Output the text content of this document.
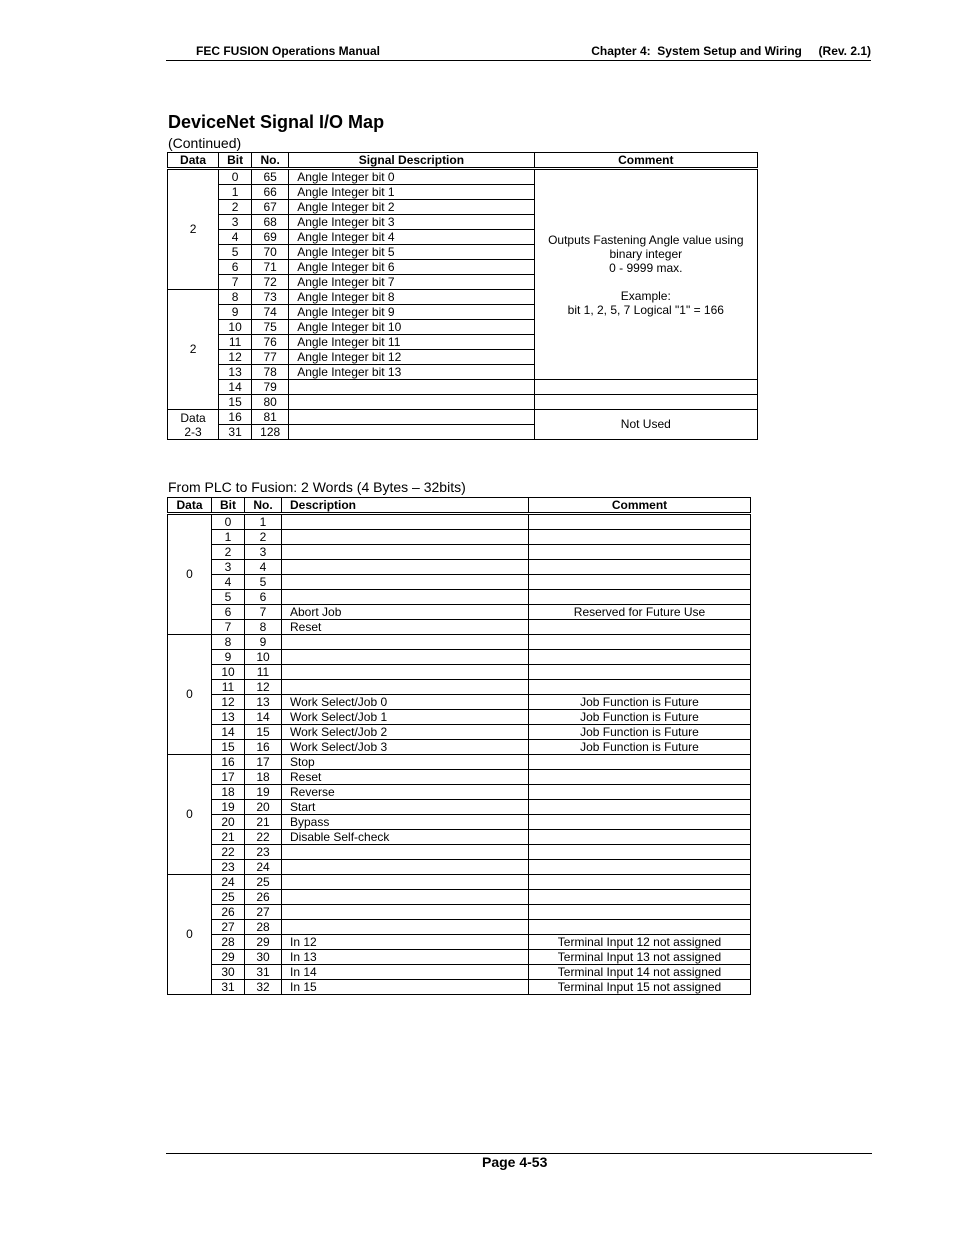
FEC FUSION Operations Manual	Chapter 4:  System Setup and Wiring     (Rev. 2.1)
DeviceNet Signal I/O Map
(Continued)
Data	Bit	No.	Signal Description	Comment
2	0	65	Angle Integer bit 0	Outputs Fastening Angle value using
binary integer
0 - 9999 max.
Example:
bit 1, 2, 5, 7 Logical "1" = 166

	1	66	Angle Integer bit 1	
	2	67	Angle Integer bit 2	
	3	68	Angle Integer bit 3	
	4	69	Angle Integer bit 4	
	5	70	Angle Integer bit 5	
	6	71	Angle Integer bit 6	
	7	72	Angle Integer bit 7	
2	8	73	Angle Integer bit 8	
	9	74	Angle Integer bit 9	
	10	75	Angle Integer bit 10	
	11	76	Angle Integer bit 11	
	12	77	Angle Integer bit 12	
	13	78	Angle Integer bit 13	
	14	79		
	15	80		

Data
2-3	16	81		Not Used
	31	128		
From PLC to Fusion: 2 Words (4 Bytes – 32bits)
Data	Bit	No.	Description	Comment
0	0	1		
	1	2		
	2	3		
	3	4		
	4	5		
	5	6		
	6	7	Abort Job	Reserved for Future Use
	7	8	Reset	
0	8	9		
	9	10		
	10	11		
	11	12		
	12	13	Work Select/Job 0	Job Function is Future
	13	14	Work Select/Job 1	Job Function is Future
	14	15	Work Select/Job 2	Job Function is Future
	15	16	Work Select/Job 3	Job Function is Future
0	16	17	Stop	
	17	18	Reset	
	18	19	Reverse	
	19	20	Start	
	20	21	Bypass	
	21	22	Disable Self-check	
	22	23		
	23	24		
0	24	25		
	25	26		
	26	27		
	27	28		
	28	29	In 12	Terminal Input 12 not assigned
	29	30	In 13	Terminal Input 13 not assigned
	30	31	In 14	Terminal Input 14 not assigned
	31	32	In 15	Terminal Input 15 not assigned
Page 4-53
